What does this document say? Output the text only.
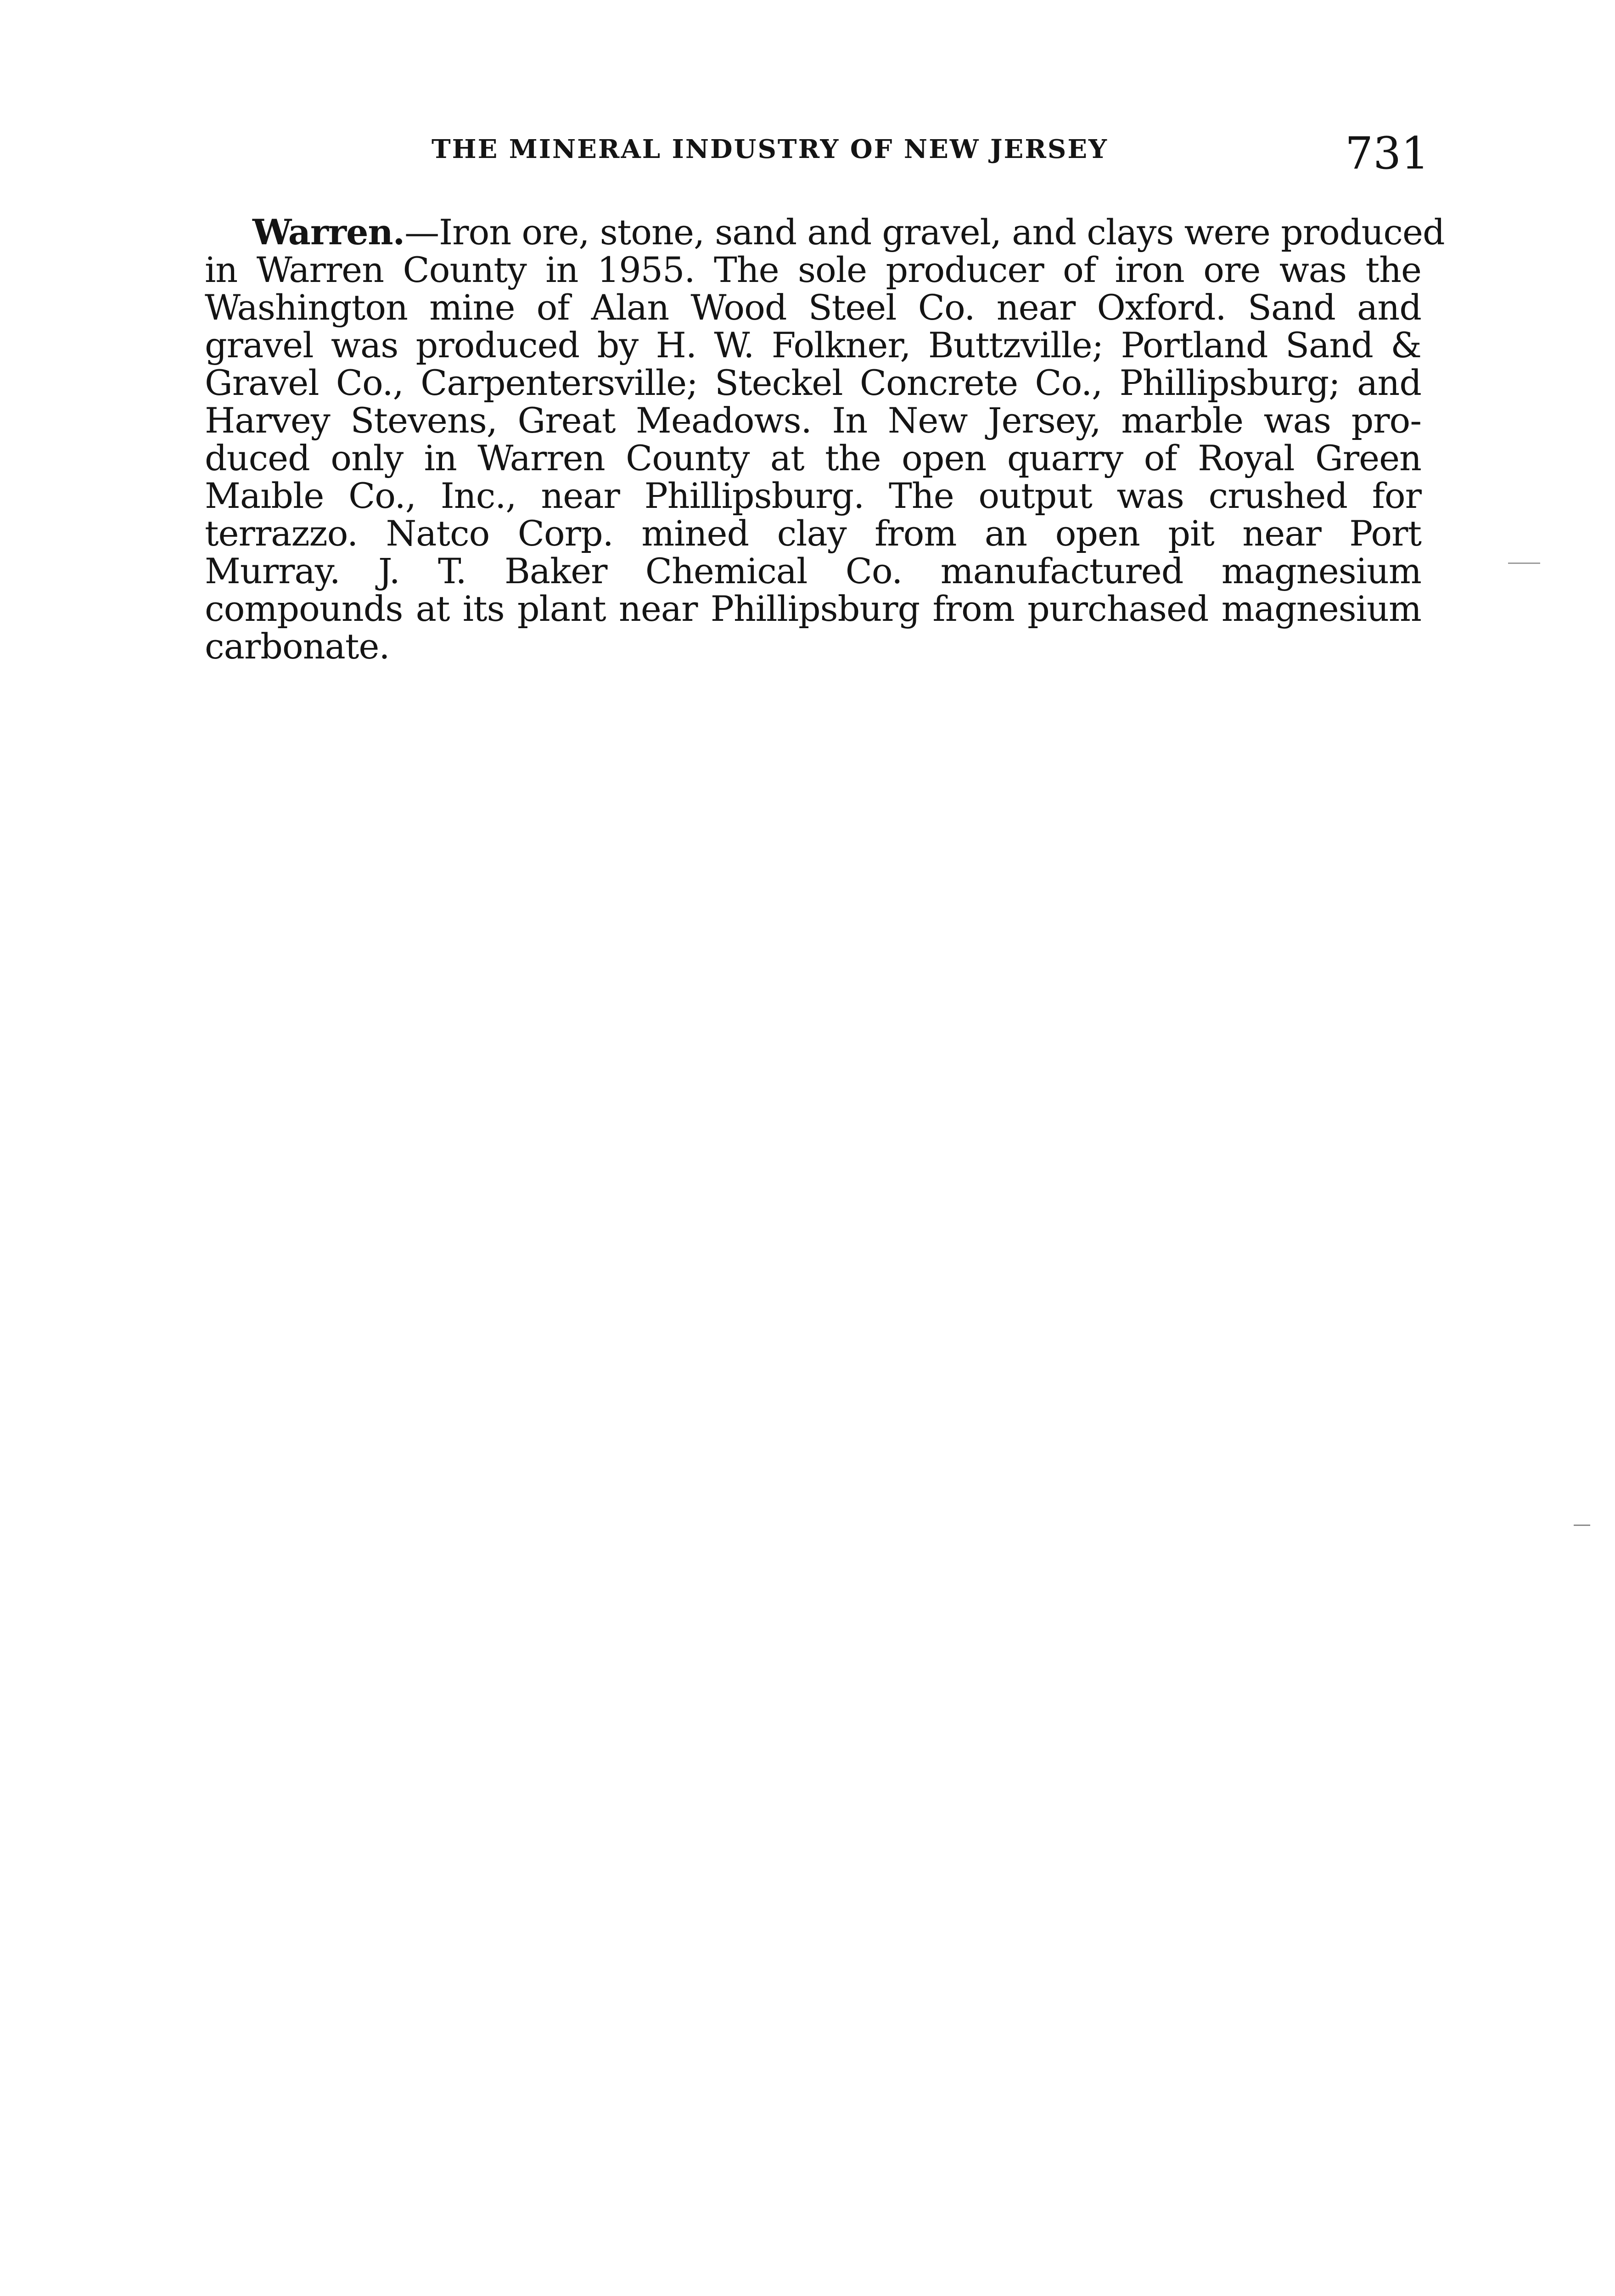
THE MINERAL INDUSTRY OF NEW JERSEY	731
Warren.—Iron ore, stone, sand and gravel, and clays were produced
in Warren County in 1955. The sole producer of iron ore was the
Washington mine of Alan Wood Steel Co. near Oxford. Sand and
gravel was produced by H. W. Folkner, Buttzville; Portland Sand &
Gravel Co., Carpentersville; Steckel Concrete Co., Phillipsburg; and
Harvey Stevens, Great Meadows. In New Jersey, marble was pro-
duced only in Warren County at the open quarry of Royal Green
Maıble Co., Inc., near Phillipsburg. The output was crushed for
terrazzo. Natco Corp. mined clay from an open pit near Port
Murray. J. T. Baker Chemical Co. manufactured magnesium
compounds at its plant near Phillipsburg from purchased magnesium
carbonate.
